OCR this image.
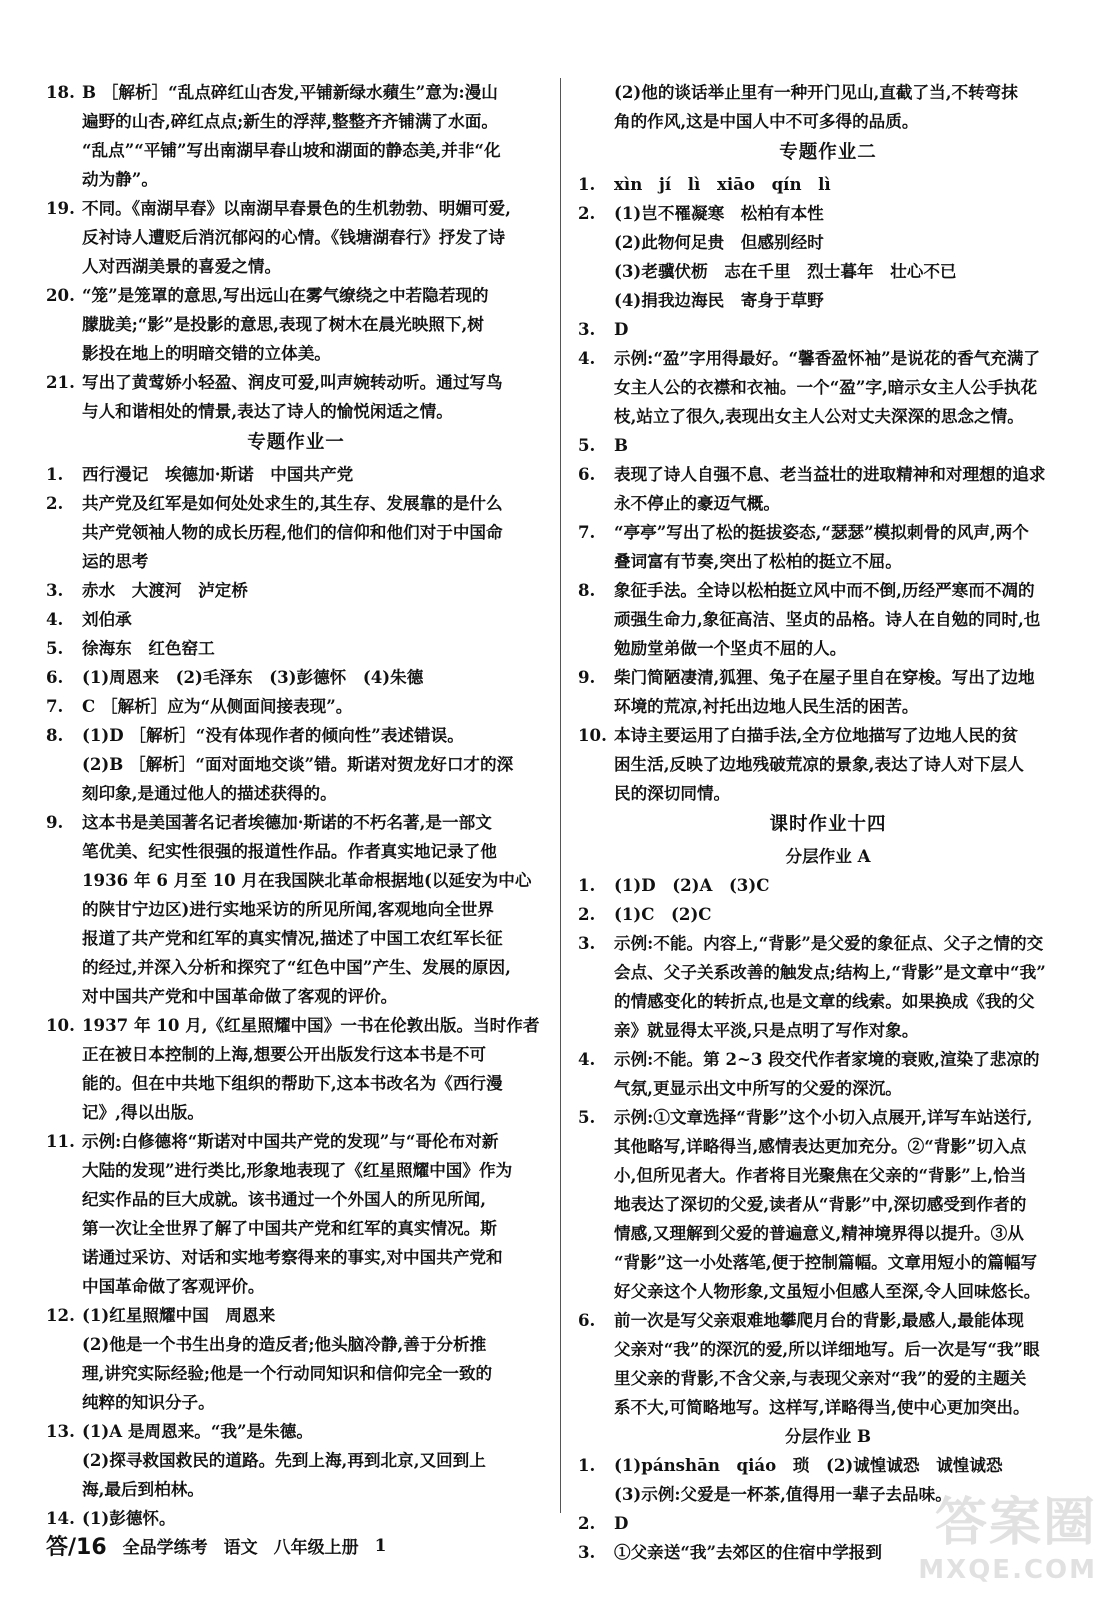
18. B ［解析］“乱点碎红山杏发,平铺新绿水蘋生”意为:漫山
遍野的山杏,碎红点点;新生的浮萍,整整齐齐铺满了水面。
“乱点”“平铺”写出南湖早春山坡和湖面的静态美,并非“化
动为静”。
19. 不同。《南湖早春》以南湖早春景色的生机勃勃、明媚可爱,
反衬诗人遭贬后消沉郁闷的心情。《钱塘湖春行》抒发了诗
人对西湖美景的喜爱之情。
20. “笼”是笼罩的意思,写出远山在雾气缭绕之中若隐若现的
朦胧美;“影”是投影的意思,表现了树木在晨光映照下,树
影投在地上的明暗交错的立体美。
21. 写出了黄莺娇小轻盈、润皮可爱,叫声婉转动听。通过写鸟
与人和谐相处的情景,表达了诗人的愉悦闲适之情。
专题作业一
1.	西行漫记　埃德加·斯诺　中国共产党
2.	共产党及红军是如何处处求生的,其生存、发展靠的是什么
共产党领袖人物的成长历程,他们的信仰和他们对于中国命
运的思考
3.	赤水　大渡河　泸定桥
4.	刘伯承
5.	徐海东　红色窑工
6.	(1)周恩来　(2)毛泽东　(3)彭德怀　(4)朱德
7.	C ［解析］应为“从侧面间接表现”。
8.	(1)D ［解析］“没有体现作者的倾向性”表述错误。
(2)B ［解析］“面对面地交谈”错。斯诺对贺龙好口才的深
刻印象,是通过他人的描述获得的。
9.	这本书是美国著名记者埃德加·斯诺的不朽名著,是一部文
笔优美、纪实性很强的报道性作品。作者真实地记录了他
1936 年 6 月至 10 月在我国陕北革命根据地(以延安为中心
的陕甘宁边区)进行实地采访的所见所闻,客观地向全世界
报道了共产党和红军的真实情况,描述了中国工农红军长征
的经过,并深入分析和探究了“红色中国”产生、发展的原因,
对中国共产党和中国革命做了客观的评价。
10. 1937 年 10 月,《红星照耀中国》一书在伦敦出版。当时作者
正在被日本控制的上海,想要公开出版发行这本书是不可
能的。但在中共地下组织的帮助下,这本书改名为《西行漫
记》,得以出版。
11. 示例:白修德将“斯诺对中国共产党的发现”与“哥伦布对新
大陆的发现”进行类比,形象地表现了《红星照耀中国》作为
纪实作品的巨大成就。该书通过一个外国人的所见所闻,
第一次让全世界了解了中国共产党和红军的真实情况。斯
诺通过采访、对话和实地考察得来的事实,对中国共产党和
中国革命做了客观评价。
12. (1)红星照耀中国　周恩来
(2)他是一个书生出身的造反者;他头脑冷静,善于分析推
理,讲究实际经验;他是一个行动同知识和信仰完全一致的
纯粹的知识分子。
13. (1)A 是周恩来。“我”是朱德。
(2)探寻救国救民的道路。先到上海,再到北京,又回到上
海,最后到柏林。
14. (1)彭德怀。
(2)他的谈话举止里有一种开门见山,直截了当,不转弯抹
角的作风,这是中国人中不可多得的品质。
专题作业二
1.	xìn　jí　lì　xiāo　qín　lì
2.	(1)岂不罹凝寒　松柏有本性
(2)此物何足贵　但感别经时
(3)老骥伏枥　志在千里　烈士暮年　壮心不已
(4)捐我边海民　寄身于草野
3.	D
4.	示例:“盈”字用得最好。“馨香盈怀袖”是说花的香气充满了
女主人公的衣襟和衣袖。一个“盈”字,暗示女主人公手执花
枝,站立了很久,表现出女主人公对丈夫深深的思念之情。
5.	B
6.	表现了诗人自强不息、老当益壮的进取精神和对理想的追求
永不停止的豪迈气概。
7.	“亭亭”写出了松的挺拔姿态,“瑟瑟”模拟刺骨的风声,两个
叠词富有节奏,突出了松柏的挺立不屈。
8.	象征手法。全诗以松柏挺立风中而不倒,历经严寒而不凋的
顽强生命力,象征高洁、坚贞的品格。诗人在自勉的同时,也
勉励堂弟做一个坚贞不屈的人。
9.	柴门简陋凄清,狐狸、兔子在屋子里自在穿梭。写出了边地
环境的荒凉,衬托出边地人民生活的困苦。
10. 本诗主要运用了白描手法,全方位地描写了边地人民的贫
困生活,反映了边地残破荒凉的景象,表达了诗人对下层人
民的深切同情。
课时作业十四
分层作业 A
1.	(1)D　(2)A　(3)C
2.	(1)C　(2)C
3.	示例:不能。内容上,“背影”是父爱的象征点、父子之情的交
会点、父子关系改善的触发点;结构上,“背影”是文章中“我”
的情感变化的转折点,也是文章的线索。如果换成《我的父
亲》就显得太平淡,只是点明了写作对象。
4.	示例:不能。第 2~3 段交代作者家境的衰败,渲染了悲凉的
气氛,更显示出文中所写的父爱的深沉。
5.	示例:①文章选择“背影”这个小切入点展开,详写车站送行,
其他略写,详略得当,感情表达更加充分。②“背影”切入点
小,但所见者大。作者将目光聚焦在父亲的“背影”上,恰当
地表达了深切的父爱,读者从“背影”中,深切感受到作者的
情感,又理解到父爱的普遍意义,精神境界得以提升。③从
“背影”这一小处落笔,便于控制篇幅。文章用短小的篇幅写
好父亲这个人物形象,文虽短小但感人至深,令人回味悠长。
6.	前一次是写父亲艰难地攀爬月台的背影,最感人,最能体现
父亲对“我”的深沉的爱,所以详细地写。后一次是写“我”眼
里父亲的背影,不含父亲,与表现父亲对“我”的爱的主题关
系不大,可简略地写。这样写,详略得当,使中心更加突出。
分层作业 B
1.	(1)pánshān　qiáo　琐　(2)诚惶诚恐　诚惶诚恐
(3)示例:父爱是一杯茶,值得用一辈子去品味。
2.	D
3.	①父亲送“我”去郊区的住宿中学报到
答/16 全品学练考 语文 八年级上册 1	答案圈
MXQE.COM
